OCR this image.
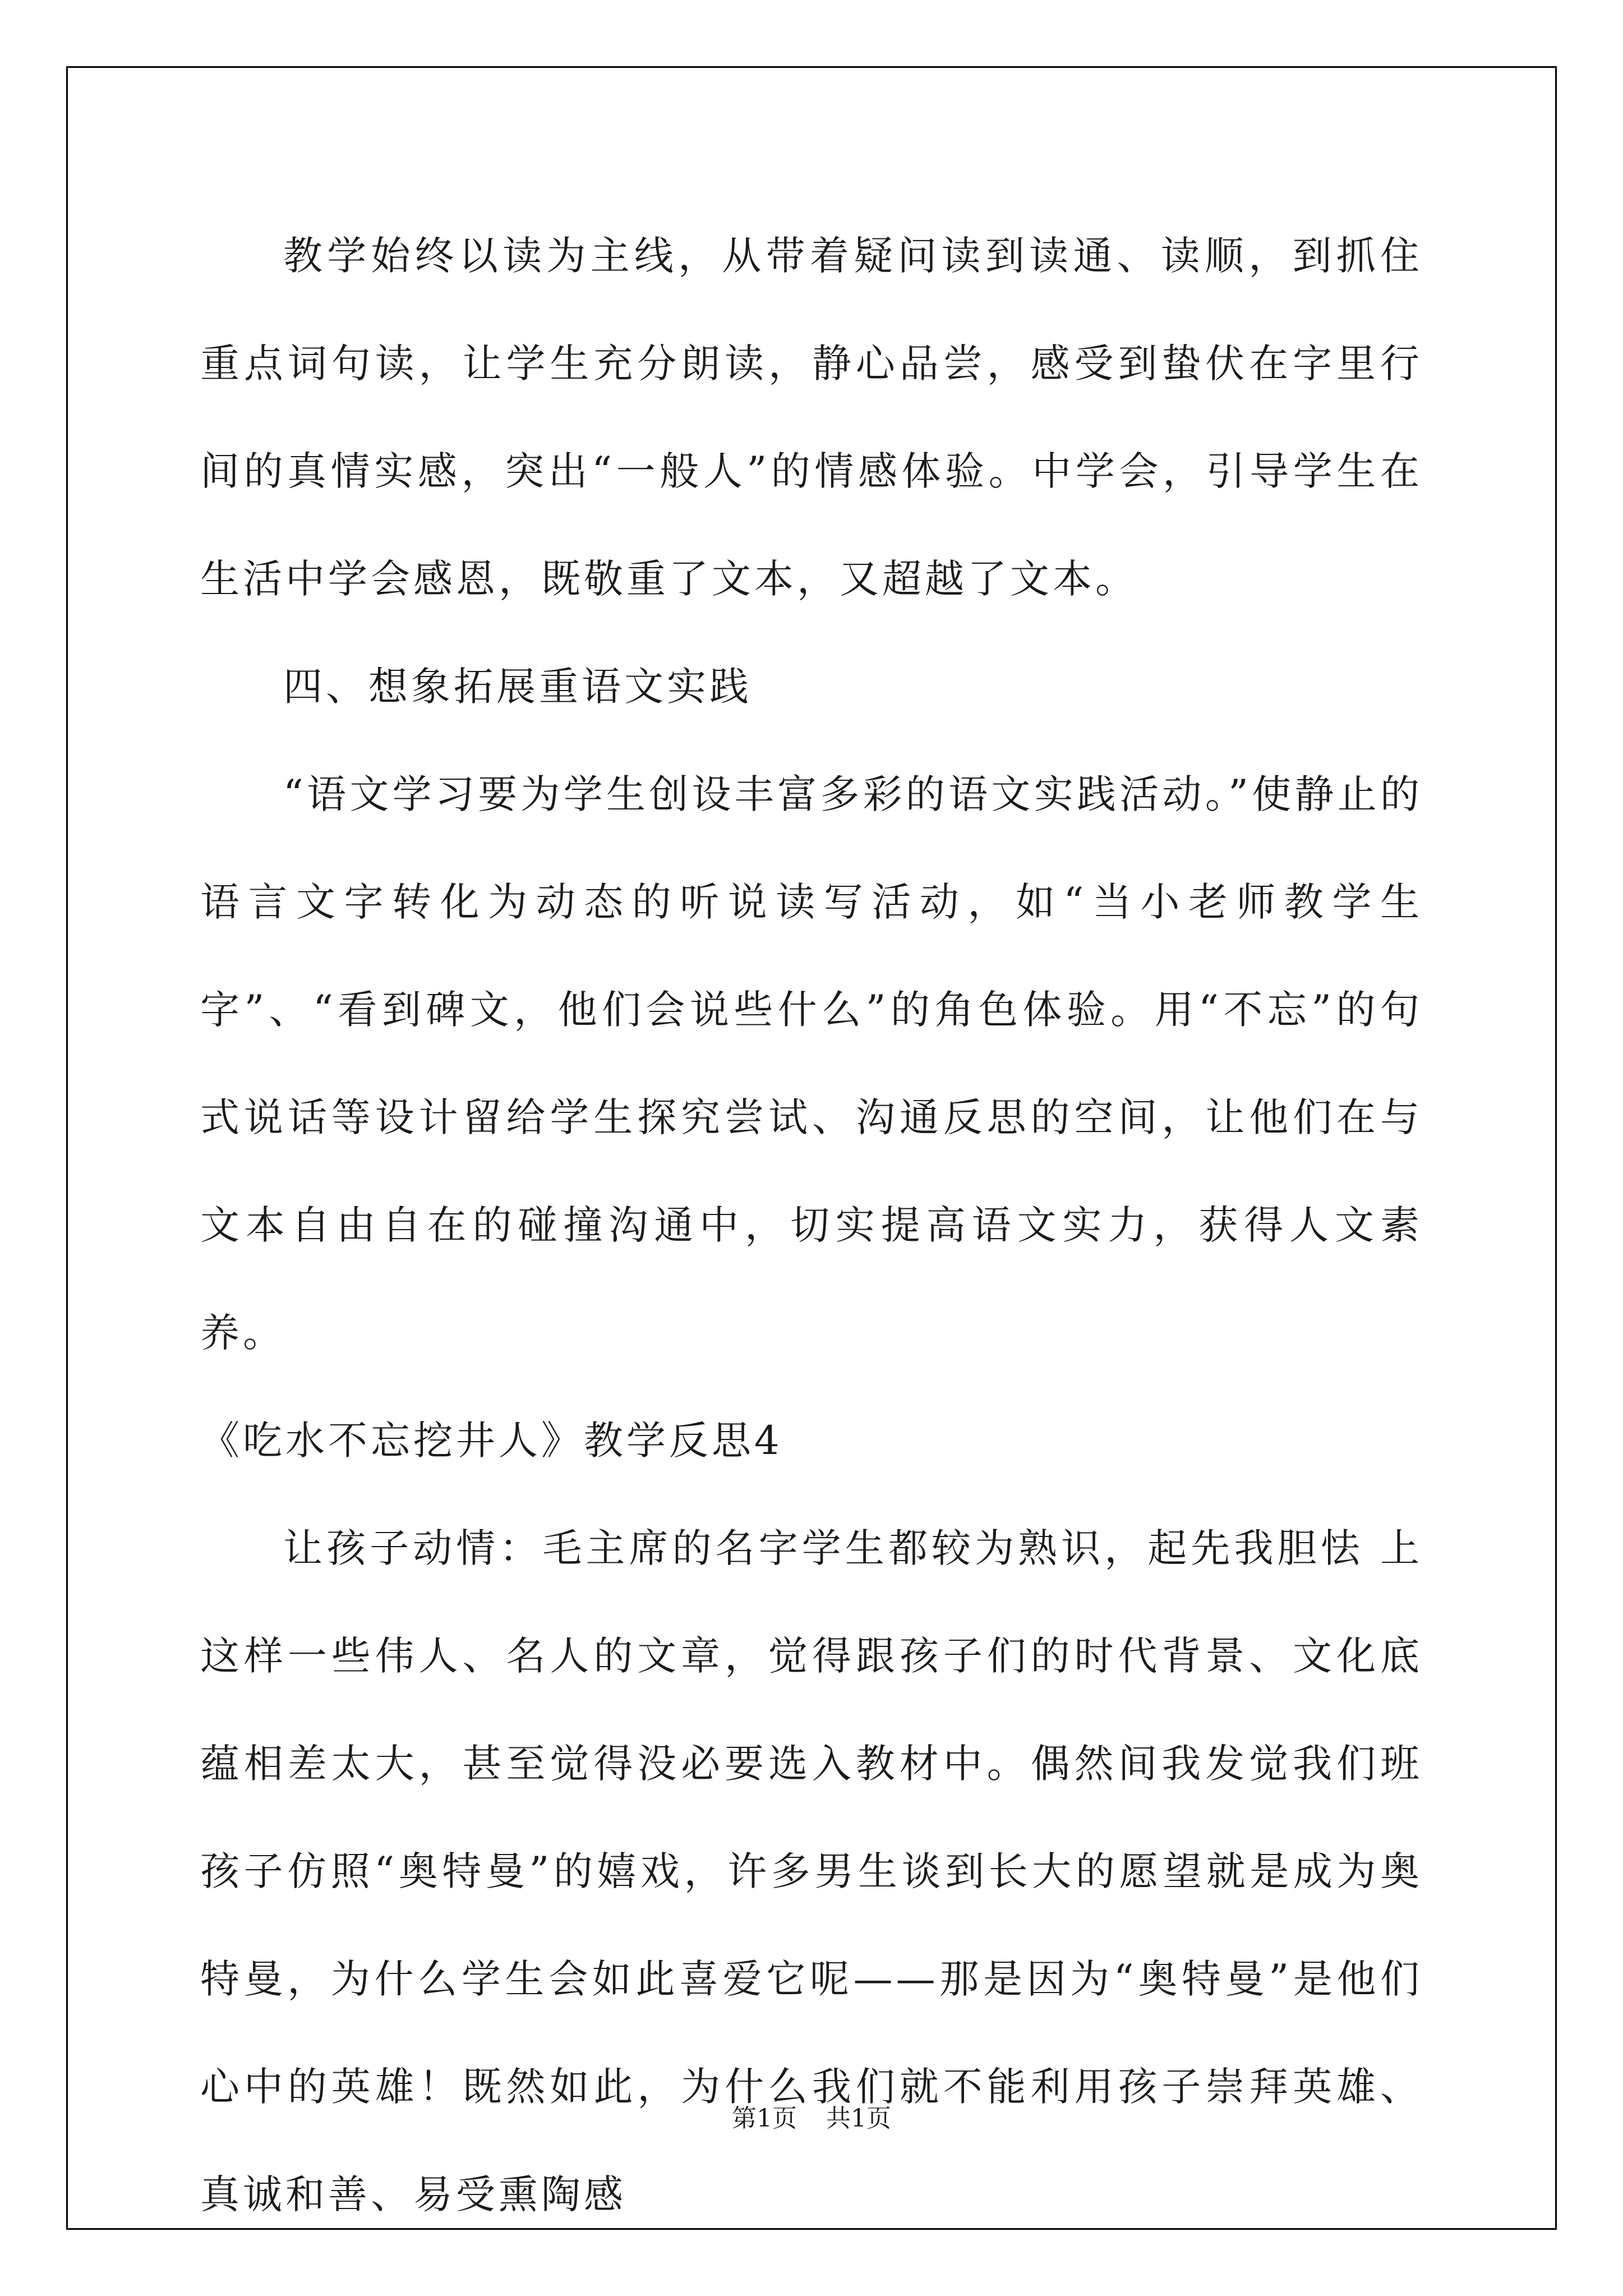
教学始终以读为主线，从带着疑问读到读通、读顺，到抓住重点词句读，让学生充分朗读，静心品尝，感受到蛰伏在字里行间的真情实感，突出“一般人”的情感体验。中学会，引导学生在生活中学会感恩，既敬重了文本，又超越了文本。

四、想象拓展重语文实践

“语文学习要为学生创设丰富多彩的语文实践活动。”使静止的语言文字转化为动态的听说读写活动，如“当小老师教学生字”、“看到碑文，他们会说些什么”的角色体验。用“不忘”的句式说话等设计留给学生探究尝试、沟通反思的空间，让他们在与文本自由自在的碰撞沟通中，切实提高语文实力，获得人文素养。

《吃水不忘挖井人》教学反思4

让孩子动情：毛主席的名字学生都较为熟识，起先我胆怯 上这样一些伟人、名人的文章，觉得跟孩子们的时代背景、文化底蕴相差太大，甚至觉得没必要选入教材中。偶然间我发觉我们班孩子仿照“奥特曼”的嬉戏，许多男生谈到长大的愿望就是成为奥特曼，为什么学生会如此喜爱它呢——那是因为“奥特曼”是他们心中的英雄！既然如此，为什么我们就不能利用孩子崇拜英雄、真诚和善、易受熏陶感

第1页 共1页
